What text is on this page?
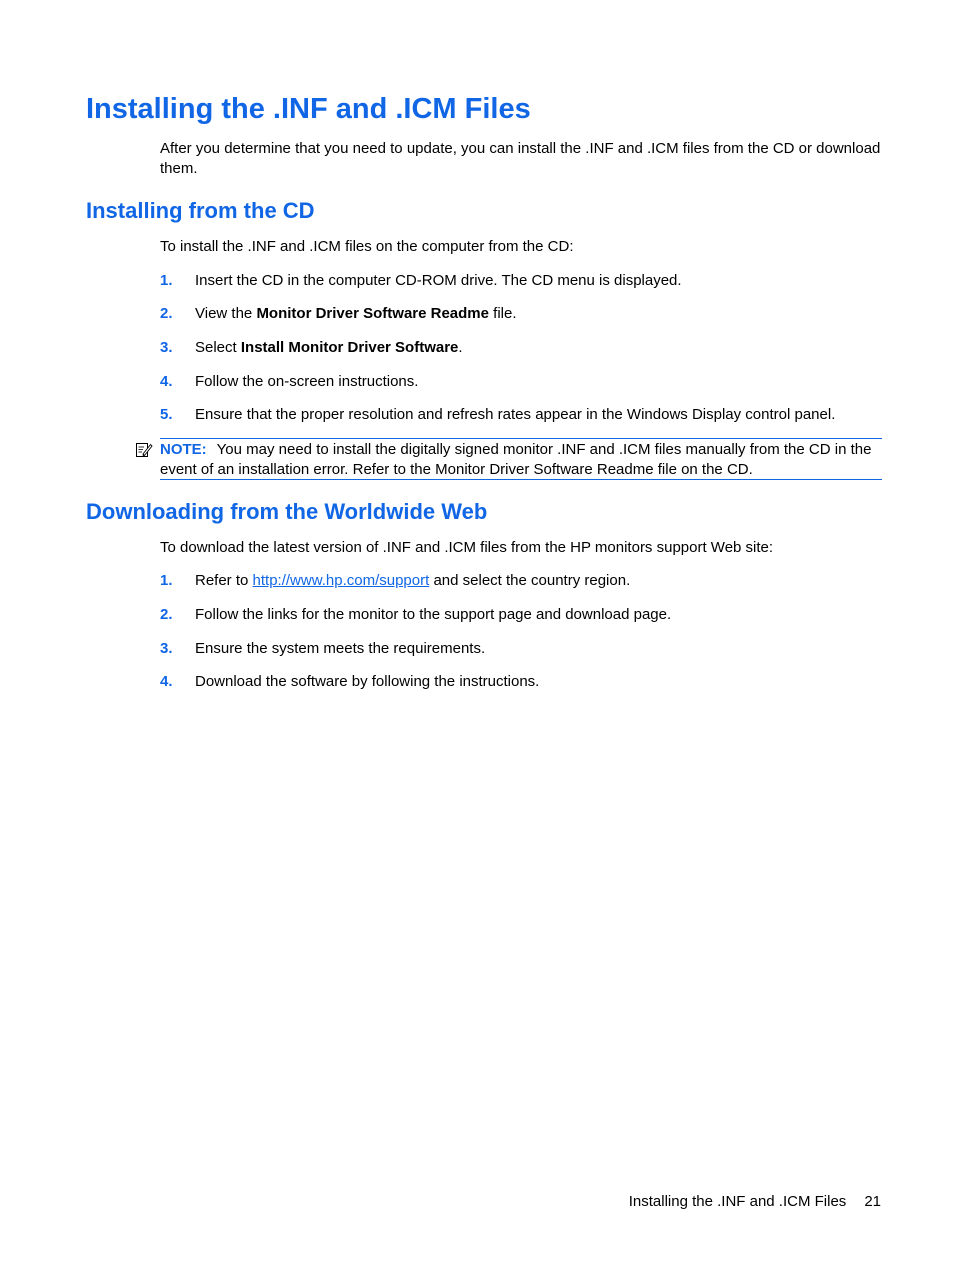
Installing the .INF and .ICM Files

After you determine that you need to update, you can install the .INF and .ICM files from the CD or download them.

Installing from the CD

To install the .INF and .ICM files on the computer from the CD:

1. Insert the CD in the computer CD-ROM drive. The CD menu is displayed.
2. View the Monitor Driver Software Readme file.
3. Select Install Monitor Driver Software.
4. Follow the on-screen instructions.
5. Ensure that the proper resolution and refresh rates appear in the Windows Display control panel.
NOTE: You may need to install the digitally signed monitor .INF and .ICM files manually from the CD in the event of an installation error. Refer to the Monitor Driver Software Readme file on the CD.
Downloading from the Worldwide Web

To download the latest version of .INF and .ICM files from the HP monitors support Web site:

1. Refer to http://www.hp.com/support and select the country region.
2. Follow the links for the monitor to the support page and download page.
3. Ensure the system meets the requirements.
4. Download the software by following the instructions.
Installing the .INF and .ICM Files 21
